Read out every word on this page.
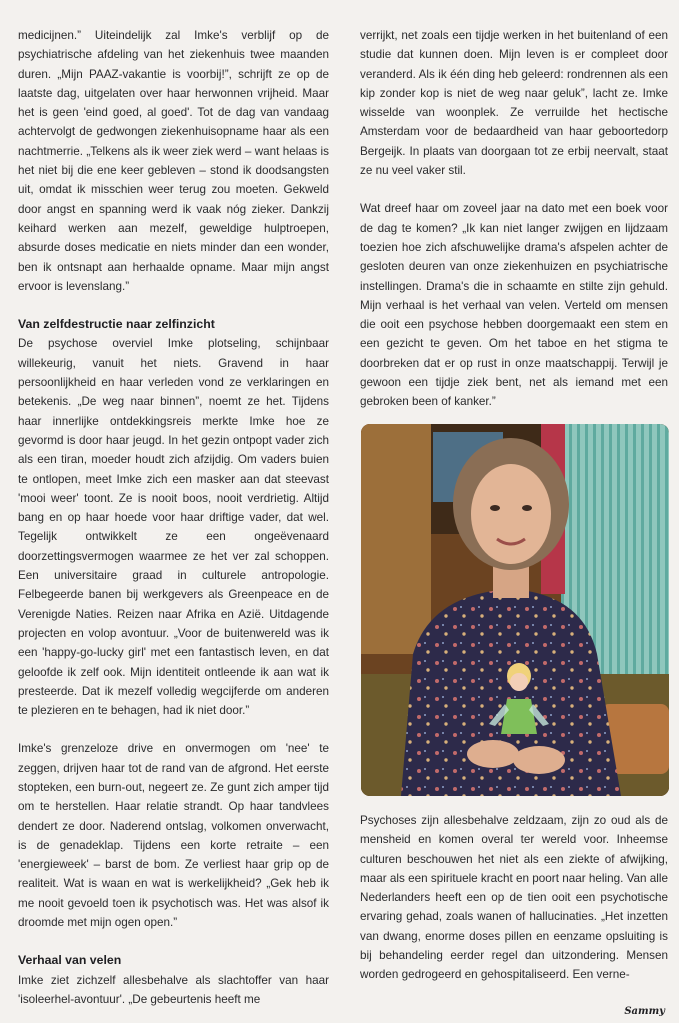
medicijnen.” Uiteindelijk zal Imke's verblijf op de psychiatrische afdeling van het ziekenhuis twee maanden duren. „Mijn PAAZ-vakantie is voorbij!”, schrijft ze op de laatste dag, uitgelaten over haar herwonnen vrijheid. Maar het is geen 'eind goed, al goed'. Tot de dag van vandaag achtervolgt de gedwongen ziekenhuisopname haar als een nachtmerrie. „Telkens als ik weer ziek werd – want helaas is het niet bij die ene keer gebleven – stond ik doodsangsten uit, omdat ik misschien weer terug zou moeten. Gekweld door angst en spanning werd ik vaak nóg zieker. Dankzij keihard werken aan mezelf, geweldige hulptroepen, absurde doses medicatie en niets minder dan een wonder, ben ik ontsnapt aan herhaalde opname. Maar mijn angst ervoor is levenslang.”

Van zelfdestructie naar zelfinzicht

De psychose overviel Imke plotseling, schijnbaar willekeurig, vanuit het niets. Gravend in haar persoonlijkheid en haar verleden vond ze verklaringen en betekenis. „De weg naar binnen”, noemt ze het. Tijdens haar innerlijke ontdekkingsreis merkte Imke hoe ze gevormd is door haar jeugd. In het gezin ontpopt vader zich als een tiran, moeder houdt zich afzijdig. Om vaders buien te ontlopen, meet Imke zich een masker aan dat steevast 'mooi weer' toont. Ze is nooit boos, nooit verdrietig. Altijd bang en op haar hoede voor haar driftige vader, dat wel. Tegelijk ontwikkelt ze een ongeëvenaard doorzettingsvermogen waarmee ze het ver zal schoppen. Een universitaire graad in culturele antropologie. Felbegeerde banen bij werkgevers als Greenpeace en de Verenigde Naties. Reizen naar Afrika en Azië. Uitdagende projecten en volop avontuur. „Voor de buitenwereld was ik een 'happy-go-lucky girl' met een fantastisch leven, en dat geloofde ik zelf ook. Mijn identiteit ontleende ik aan wat ik presteerde. Dat ik mezelf volledig wegcijferde om anderen te plezieren en te behagen, had ik niet door.”

Imke's grenzeloze drive en onvermogen om 'nee' te zeggen, drijven haar tot de rand van de afgrond. Het eerste stopteken, een burn-out, negeert ze. Ze gunt zich amper tijd om te herstellen. Haar relatie strandt. Op haar tandvlees dendert ze door. Naderend ontslag, volkomen onverwacht, is de genadeklap. Tijdens een korte retraite – een 'energieweek' – barst de bom. Ze verliest haar grip op de realiteit. Wat is waan en wat is werkelijkheid? „Gek heb ik me nooit gevoeld toen ik psychotisch was. Het was alsof ik droomde met mijn ogen open.”

Verhaal van velen

Imke ziet zichzelf allesbehalve als slachtoffer van haar 'isoleerhel-avontuur'. „De gebeurtenis heeft me

verrijkt, net zoals een tijdje werken in het buitenland of een studie dat kunnen doen. Mijn leven is er compleet door veranderd. Als ik één ding heb geleerd: rondrennen als een kip zonder kop is niet de weg naar geluk”, lacht ze. Imke wisselde van woonplek. Ze verruilde het hectische Amsterdam voor de bedaardheid van haar geboortedorp Bergeijk. In plaats van doorgaan tot ze erbij neervalt, staat ze nu veel vaker stil.

Wat dreef haar om zoveel jaar na dato met een boek voor de dag te komen? „Ik kan niet langer zwijgen en lijdzaam toezien hoe zich afschuwelijke drama's afspelen achter de gesloten deuren van onze ziekenhuizen en psychiatrische instellingen. Drama's die in schaamte en stilte zijn gehuld. Mijn verhaal is het verhaal van velen. Verteld om mensen die ooit een psychose hebben doorgemaakt een stem en een gezicht te geven. Om het taboe en het stigma te doorbreken dat er op rust in onze maatschappij. Terwijl je gewoon een tijdje ziek bent, net als iemand met een gebroken been of kanker.”

Psychoses zijn allesbehalve zeldzaam, zijn zo oud als de mensheid en komen overal ter wereld voor. Inheemse culturen beschouwen het niet als een ziekte of afwijking, maar als een spirituele kracht en poort naar heling. Van alle Nederlanders heeft een op de tien ooit een psychotische ervaring gehad, zoals wanen of hallucinaties. „Het inzetten van dwang, enorme doses pillen en eenzame opsluiting is bij behandeling eerder regel dan uitzondering. Mensen worden gedrogeerd en gehospitaliseerd. Een verne-

Sammy
